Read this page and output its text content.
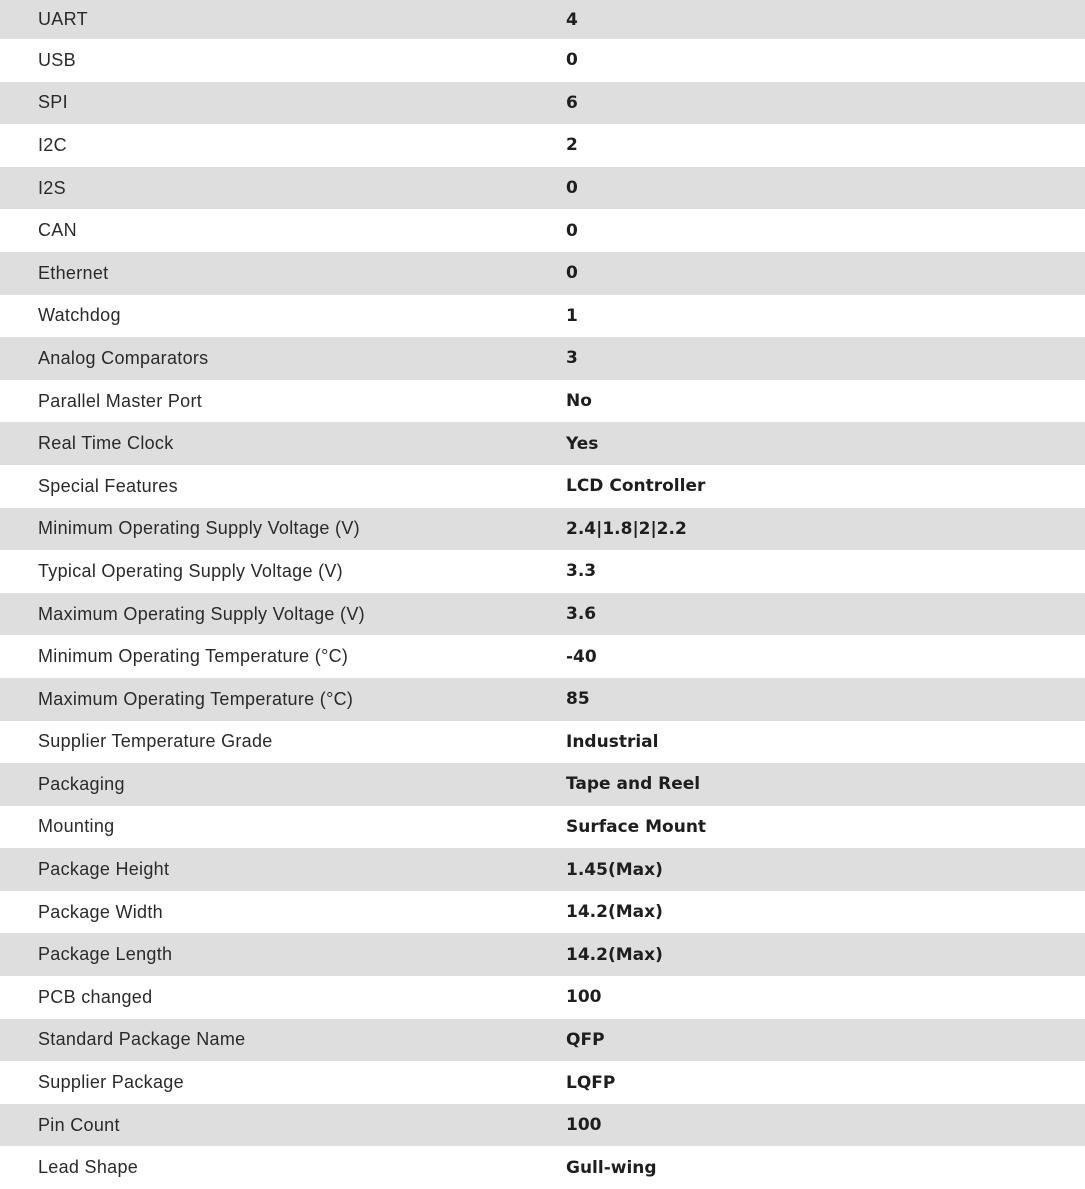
UART	4
USB	0
SPI	6
I2C	2
I2S	0
CAN	0
Ethernet	0
Watchdog	1
Analog Comparators	3
Parallel Master Port	No
Real Time Clock	Yes
Special Features	LCD Controller
Minimum Operating Supply Voltage (V)	2.4|1.8|2|2.2
Typical Operating Supply Voltage (V)	3.3
Maximum Operating Supply Voltage (V)	3.6
Minimum Operating Temperature (°C)	-40
Maximum Operating Temperature (°C)	85
Supplier Temperature Grade	Industrial
Packaging	Tape and Reel
Mounting	Surface Mount
Package Height	1.45(Max)
Package Width	14.2(Max)
Package Length	14.2(Max)
PCB changed	100
Standard Package Name	QFP
Supplier Package	LQFP
Pin Count	100
Lead Shape	Gull-wing
